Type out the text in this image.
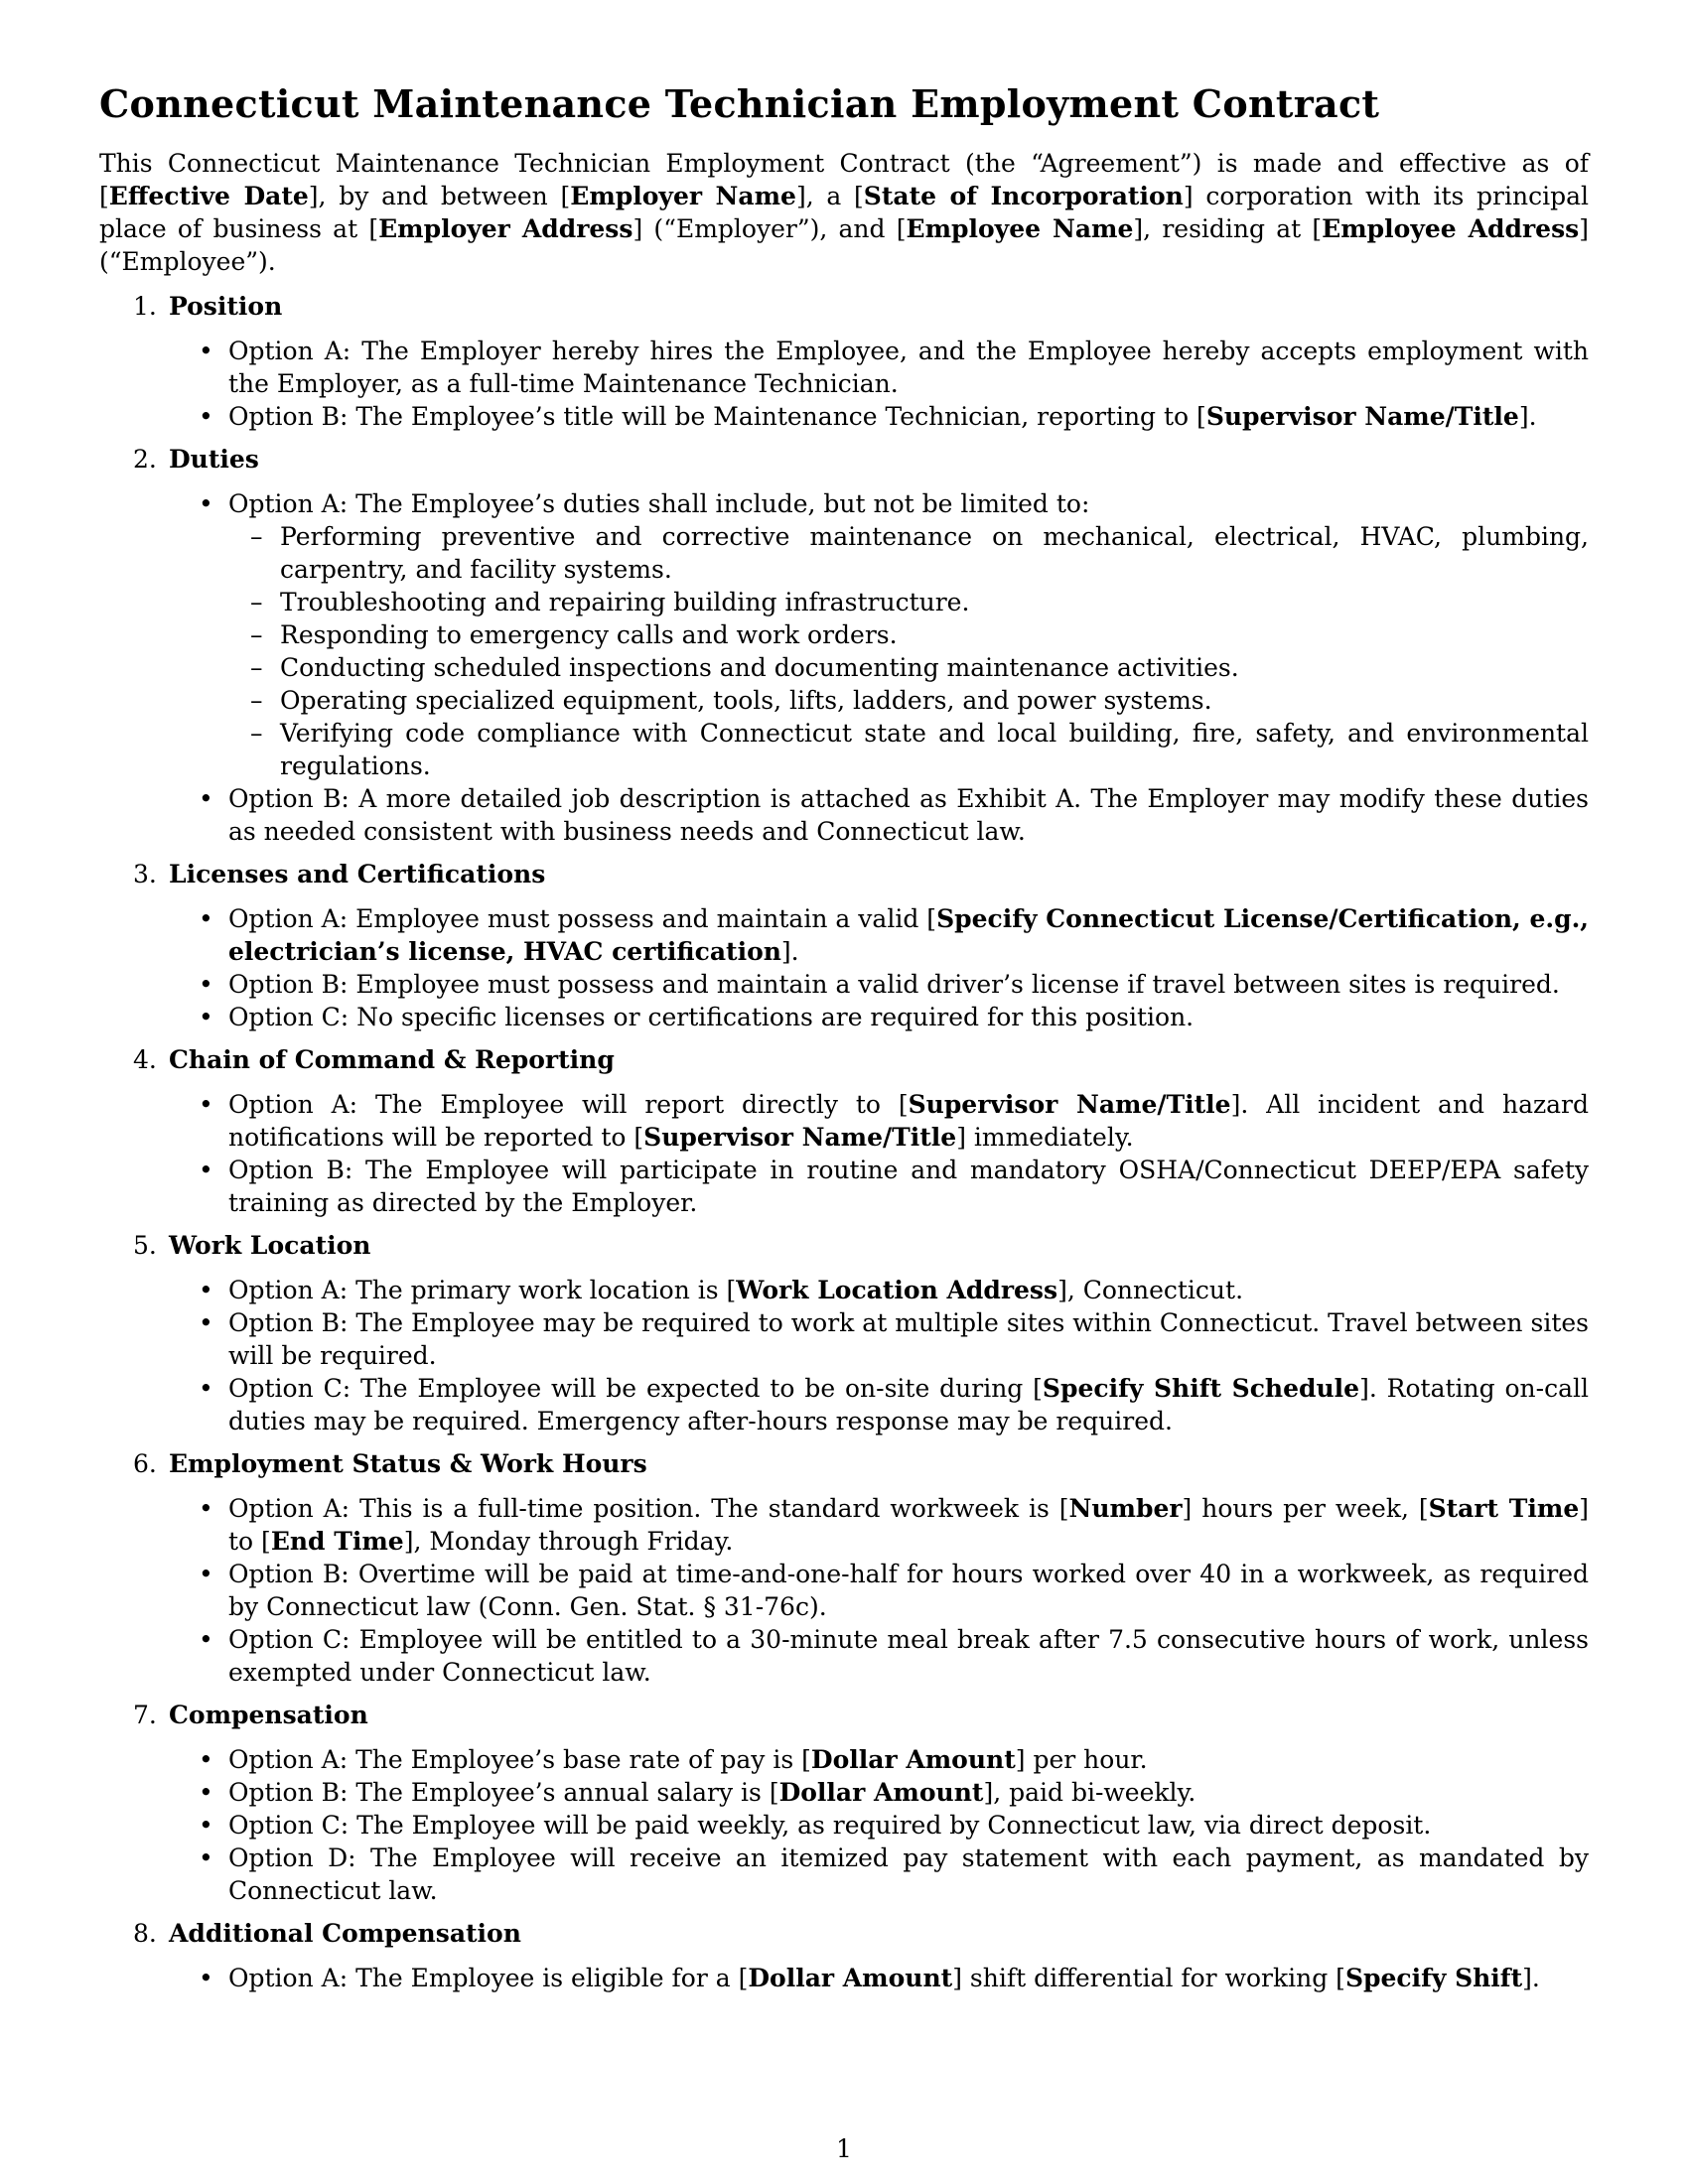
Connecticut Maintenance Technician Employment Contract

This Connecticut Maintenance Technician Employment Contract (the “Agreement”) is made and effective as of [Effective Date], by and between [Employer Name], a [State of Incorporation] corporation with its principal place of business at [Employer Address] (“Employer”), and [Employee Name], residing at [Employee Address] (“Employee”).

1. Position
• Option A: The Employer hereby hires the Employee, and the Employee hereby accepts employment with the Employer, as a full-time Maintenance Technician.
• Option B: The Employee’s title will be Maintenance Technician, reporting to [Supervisor Name/Title].
2. Duties
• Option A: The Employee’s duties shall include, but not be limited to:
– Performing preventive and corrective maintenance on mechanical, electrical, HVAC, plumbing, carpentry, and facility systems.
– Troubleshooting and repairing building infrastructure.
– Responding to emergency calls and work orders.
– Conducting scheduled inspections and documenting maintenance activities.
– Operating specialized equipment, tools, lifts, ladders, and power systems.
– Verifying code compliance with Connecticut state and local building, fire, safety, and environmental regulations.
• Option B: A more detailed job description is attached as Exhibit A. The Employer may modify these duties as needed consistent with business needs and Connecticut law.
3. Licenses and Certifications
• Option A: Employee must possess and maintain a valid [Specify Connecticut License/Certification, e.g., electrician’s license, HVAC certification].
• Option B: Employee must possess and maintain a valid driver’s license if travel between sites is required.
• Option C: No specific licenses or certifications are required for this position.
4. Chain of Command & Reporting
• Option A: The Employee will report directly to [Supervisor Name/Title]. All incident and hazard notifications will be reported to [Supervisor Name/Title] immediately.
• Option B: The Employee will participate in routine and mandatory OSHA/Connecticut DEEP/EPA safety training as directed by the Employer.
5. Work Location
• Option A: The primary work location is [Work Location Address], Connecticut.
• Option B: The Employee may be required to work at multiple sites within Connecticut. Travel between sites will be required.
• Option C: The Employee will be expected to be on-site during [Specify Shift Schedule]. Rotating on-call duties may be required. Emergency after-hours response may be required.
6. Employment Status & Work Hours
• Option A: This is a full-time position. The standard workweek is [Number] hours per week, [Start Time] to [End Time], Monday through Friday.
• Option B: Overtime will be paid at time-and-one-half for hours worked over 40 in a workweek, as required by Connecticut law (Conn. Gen. Stat. § 31-76c).
• Option C: Employee will be entitled to a 30-minute meal break after 7.5 consecutive hours of work, unless exempted under Connecticut law.
7. Compensation
• Option A: The Employee’s base rate of pay is [Dollar Amount] per hour.
• Option B: The Employee’s annual salary is [Dollar Amount], paid bi-weekly.
• Option C: The Employee will be paid weekly, as required by Connecticut law, via direct deposit.
• Option D: The Employee will receive an itemized pay statement with each payment, as mandated by Connecticut law.
8. Additional Compensation
• Option A: The Employee is eligible for a [Dollar Amount] shift differential for working [Specify Shift].
1
